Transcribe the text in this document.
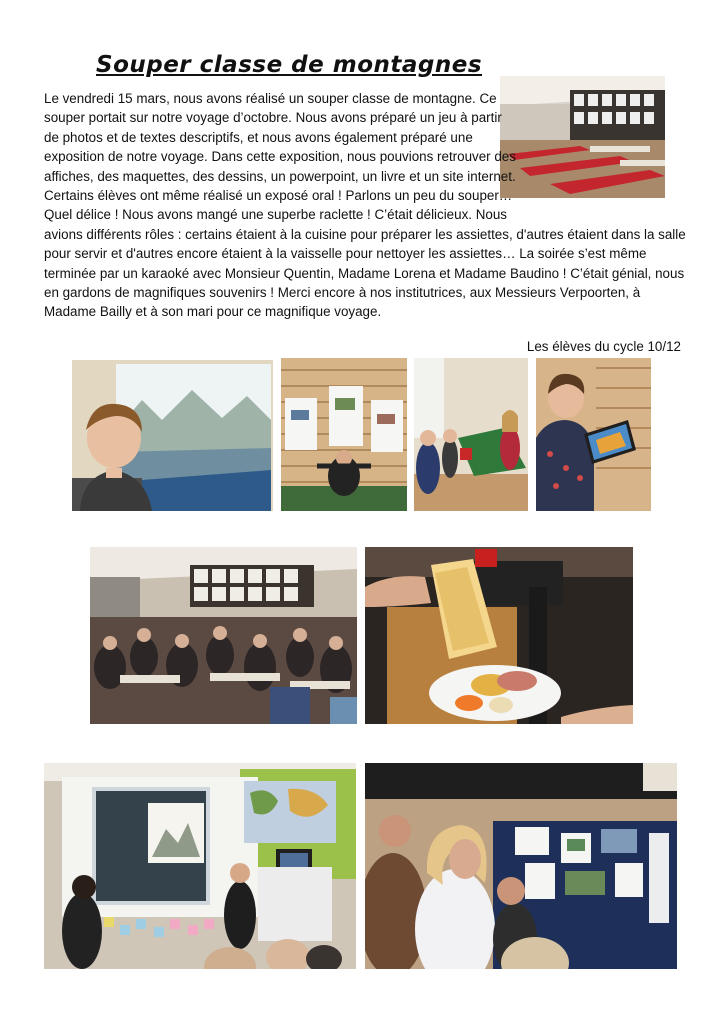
Souper classe de montagnes

Le vendredi 15 mars, nous avons réalisé un souper classe de montagne. Ce souper portait sur notre voyage d’octobre. Nous avons préparé un jeu à partir de photos et de textes descriptifs, et nous avons également préparé une exposition de notre voyage. Dans cette exposition, nous pouvions retrouver des affiches, des maquettes, des dessins, un powerpoint, un livre et un site internet. Certains élèves ont même réalisé un exposé oral ! Parlons un peu du souper… Quel délice ! Nous avons mangé une superbe raclette ! C’était délicieux. Nous avions différents rôles : certains étaient à la cuisine pour préparer les assiettes, d'autres étaient dans la salle pour servir et d'autres encore étaient à la vaisselle pour nettoyer les assiettes… La soirée s’est même terminée par un karaoké avec Monsieur Quentin, Madame Lorena et Madame Baudino ! C’était génial, nous en gardons de magnifiques souvenirs ! Merci encore à nos institutrices, aux Messieurs Verpoorten, à Madame Bailly et à son mari pour ce magnifique voyage.

Les élèves du cycle 10/12
